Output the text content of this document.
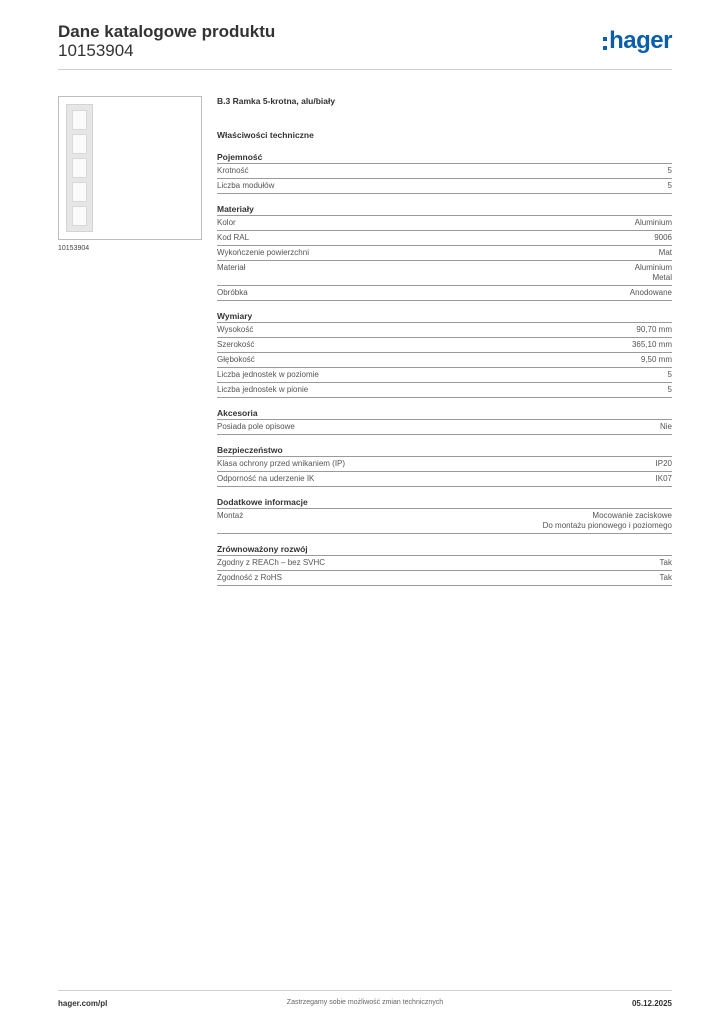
Dane katalogowe produktu
10153904	hager
10153904
B.3 Ramka 5-krotna, alu/biały
Właściwości techniczne
Pojemność
Krotność	5
Liczba modułów	5
Materiały
Kolor	Aluminium
Kod RAL	9006
Wykończenie powierzchni	Mat
Materiał	Aluminium
Metal
Obróbka	Anodowane
Wymiary
Wysokość	90,70 mm
Szerokość	365,10 mm
Głębokość	9,50 mm
Liczba jednostek w poziomie	5
Liczba jednostek w pionie	5
Akcesoria
Posiada pole opisowe	Nie
Bezpieczeństwo
Klasa ochrony przed wnikaniem (IP)	IP20
Odporność na uderzenie IK	IK07
Dodatkowe informacje
Montaż	Mocowanie zaciskowe
Do montażu pionowego i poziomego
Zrównoważony rozwój
Zgodny z REACh – bez SVHC	Tak
Zgodność z RoHS	Tak
hager.com/pl	Zastrzegamy sobie możliwość zmian technicznych	05.12.2025
